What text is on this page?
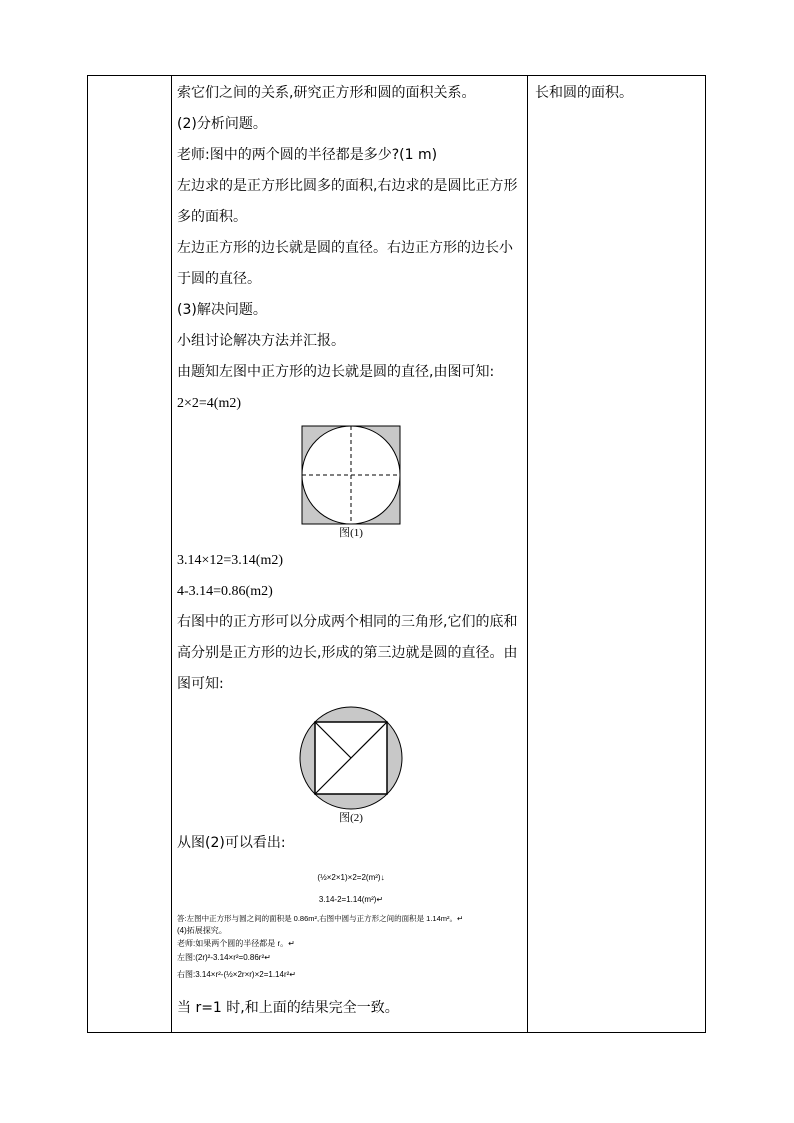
长和圆的面积。

索它们之间的关系,研究正方形和圆的面积关系。

(2)分析问题。

老师:图中的两个圆的半径都是多少?(1 m)

左边求的是正方形比圆多的面积,右边求的是圆比正方形多的面积。

左边正方形的边长就是圆的直径。右边正方形的边长小于圆的直径。

(3)解决问题。

小组讨论解决方法并汇报。

由题知左图中正方形的边长就是圆的直径,由图可知:

2×2=4(m2)

图(1)

3.14×12=3.14(m2)

4-3.14=0.86(m2)

右图中的正方形可以分成两个相同的三角形,它们的底和高分别是正方形的边长,形成的第三边就是圆的直径。由图可知:

图(2)

从图(2)可以看出:

(½×2×1)×2=2(m²)↓
3.14-2=1.14(m²)↵
答:左图中正方形与圆之间的面积是 0.86m²,右图中圆与正方形之间的面积是 1.14m²。↵
(4)拓展探究。
老师:如果两个圆的半径都是 r。↵
左图:(2r)²-3.14×r²=0.86r²↵
右图:3.14×r²-(½×2r×r)×2=1.14r²↵

当 r=1 时,和上面的结果完全一致。
